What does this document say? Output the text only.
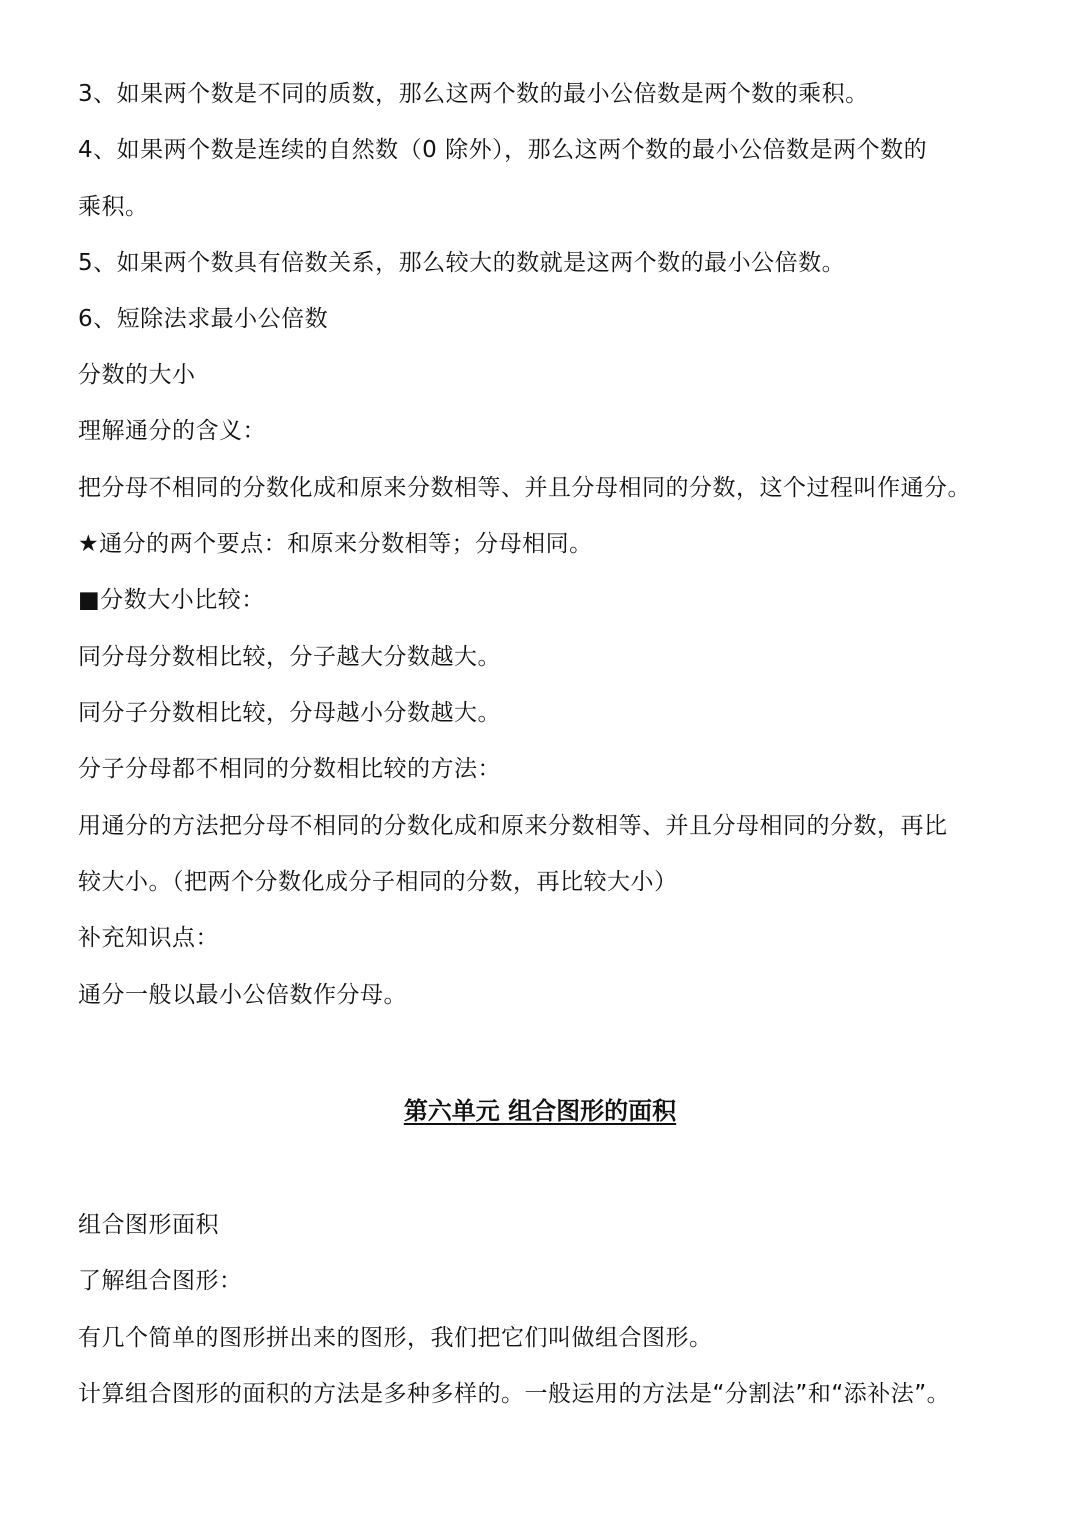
3、如果两个数是不同的质数，那么这两个数的最小公倍数是两个数的乘积。
4、如果两个数是连续的自然数（0 除外），那么这两个数的最小公倍数是两个数的
乘积。
5、如果两个数具有倍数关系，那么较大的数就是这两个数的最小公倍数。
6、短除法求最小公倍数
分数的大小
理解通分的含义：
把分母不相同的分数化成和原来分数相等、并且分母相同的分数，这个过程叫作通分。
★通分的两个要点：和原来分数相等；分母相同。
■分数大小比较：
同分母分数相比较，分子越大分数越大。
同分子分数相比较，分母越小分数越大。
分子分母都不相同的分数相比较的方法：
用通分的方法把分母不相同的分数化成和原来分数相等、并且分母相同的分数，再比
较大小。（把两个分数化成分子相同的分数，再比较大小）
补充知识点：
通分一般以最小公倍数作分母。
第六单元 组合图形的面积
组合图形面积
了解组合图形：
有几个简单的图形拼出来的图形，我们把它们叫做组合图形。
计算组合图形的面积的方法是多种多样的。一般运用的方法是“分割法”和“添补法”。
